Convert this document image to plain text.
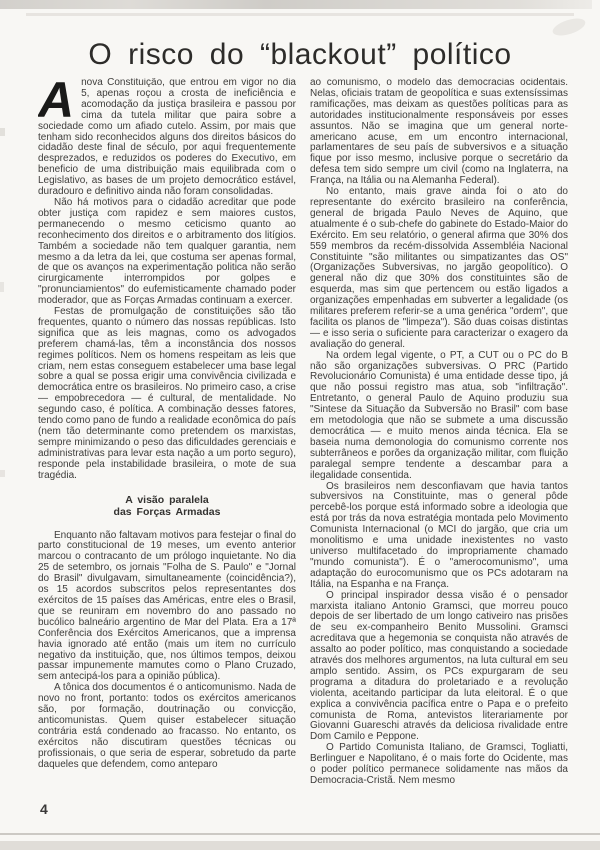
O risco do “blackout” político

Anova Constituição, que entrou em vigor no dia 5, apenas roçou a crosta de ineficiência e acomodação da justiça brasileira e passou por cima da tutela militar que paira sobre a sociedade como um afiado cutelo. Assim, por mais que tenham sido reconhecidos alguns dos direitos básicos do cidadão deste final de século, por aqui frequentemente desprezados, e reduzidos os poderes do Executivo, em beneficio de uma distribuição mais equilibrada com o Legislativo, as bases de um projeto democrático estável, duradouro e definitivo ainda não foram consolidadas.

Não há motivos para o cidadão acreditar que pode obter justiça com rapidez e sem maiores custos, permanecendo o mesmo ceticismo quanto ao reconhecimento dos direitos e o arbitramento dos litígios. Também a sociedade não tem qualquer garantia, nem mesmo a da letra da lei, que costuma ser apenas formal, de que os avanços na experimentação politica não serão cirurgicamente interrompidos por golpes e "pronunciamientos" do eufemisticamente chamado poder moderador, que as Forças Armadas continuam a exercer.

Festas de promulgação de constituições são tão frequentes, quanto o número das nossas repúblicas. Isto significa que as leis magnas, como os advogados preferem chamá-las, têm a inconstância dos nossos regimes políticos. Nem os homens respeitam as leis que criam, nem estas conseguem estabelecer uma base legal sobre a qual se possa erigir uma convivência civilizada e democrática entre os brasileiros. No primeiro caso, a crise — empobrecedora — é cultural, de mentalidade. No segundo caso, é política. A combinação desses fatores, tendo como pano de fundo a realidade econômica do país (nem tão determinante como pretendem os marxistas, sempre minimizando o peso das dificuldades gerenciais e administrativas para levar esta nação a um porto seguro), responde pela instabilidade brasileira, o mote de sua tragédia.

A visão paralela
das Forças Armadas

Enquanto não faltavam motivos para festejar o final do parto constitucional de 19 meses, um evento anterior marcou o contracanto de um prólogo inquietante. No dia 25 de setembro, os jornais "Folha de S. Paulo" e "Jornal do Brasil" divulgavam, simultaneamente (coincidência?), os 15 acordos subscritos pelos representantes dos exércitos de 15 países das Américas, entre eles o Brasil, que se reuniram em novembro do ano passado no bucólico balneário argentino de Mar del Plata. Era a 17ª Conferência dos Exércitos Americanos, que a imprensa havia ignorado até então (mais um item no currículo negativo da instituição, que, nos últimos tempos, deixou passar impunemente mamutes como o Plano Cruzado, sem antecipá-los para a opinião pública).

A tônica dos documentos é o anticomunismo. Nada de novo no front, portanto: todos os exércitos americanos são, por formação, doutrinação ou convicção, anticomunistas. Quem quiser estabelecer situação contrária está condenado ao fracasso. No entanto, os exércitos não discutiram questões técnicas ou profissionais, o que seria de esperar, sobretudo da parte daqueles que defendem, como anteparo

ao comunismo, o modelo das democracias ocidentais. Nelas, oficiais tratam de geopolítica e suas extensíssimas ramificações, mas deixam as questões políticas para as autoridades institucionalmente responsáveis por esses assuntos. Não se imagina que um general norte-americano acuse, em um encontro internacional, parlamentares de seu país de subversivos e a situação fique por isso mesmo, inclusive porque o secretário da defesa tem sido sempre um civil (como na Inglaterra, na França, na Itália ou na Alemanha Federal).

No entanto, mais grave ainda foi o ato do representante do exército brasileiro na conferência, general de brigada Paulo Neves de Aquino, que atualmente é o sub-chefe do gabinete do Estado-Maior do Exército. Em seu relatório, o general afirma que 30% dos 559 membros da recém-dissolvida Assembléia Nacional Constituinte "são militantes ou simpatizantes das OS" (Organizações Subversivas, no jargão geopolítico). O general não diz que 30% dos constituintes são de esquerda, mas sim que pertencem ou estão ligados a organizações empenhadas em subverter a legalidade (os militares preferem referir-se a uma genérica "ordem", que facilita os planos de "limpeza"). São duas coisas distintas — e isso seria o suficiente para caracterizar o exagero da avaliação do general.

Na ordem legal vigente, o PT, a CUT ou o PC do B não são organizações subversivas. O PRC (Partido Revolucionário Comunista) é uma entidade desse tipo, já que não possui registro mas atua, sob "infiltração". Entretanto, o general Paulo de Aquino produziu sua "Sintese da Situação da Subversão no Brasil" com base em metodologia que não se submete a uma discussão democrática — e muito menos ainda técnica. Ela se baseia numa demonologia do comunismo corrente nos subterrâneos e porões da organização militar, com fluição paralegal sempre tendente a descambar para a ilegalidade consentida.

Os brasileiros nem desconfiavam que havia tantos subversivos na Constituinte, mas o general pôde percebê-los porque está informado sobre a ideologia que está por trás da nova estratégia montada pelo Movimento Comunista Internacional (o MCI do jargão, que cria um monolitismo e uma unidade inexistentes no vasto universo multifacetado do impropriamente chamado "mundo comunista"). É o "amerocomunismo", uma adaptação do eurocomunismo que os PCs adotaram na Itália, na Espanha e na França.

O principal inspirador dessa visão é o pensador marxista italiano Antonio Gramsci, que morreu pouco depois de ser libertado de um longo cativeiro nas prisões de seu ex-companheiro Benito Mussolini. Gramsci acreditava que a hegemonia se conquista não através de assalto ao poder político, mas conquistando a sociedade através dos melhores argumentos, na luta cultural em seu amplo sentido. Assim, os PCs expurgaram de seu programa a ditadura do proletariado e a revolução violenta, aceitando participar da luta eleitoral. É o que explica a convivência pacífica entre o Papa e o prefeito comunista de Roma, antevistos literariamente por Giovanni Guareschi através da deliciosa rivalidade entre Dom Camilo e Peppone.

O Partido Comunista Italiano, de Gramsci, Togliatti, Berlinguer e Napolitano, é o mais forte do Ocidente, mas o poder político permanece solidamente nas mãos da Democracia-Cristã. Nem mesmo

4
